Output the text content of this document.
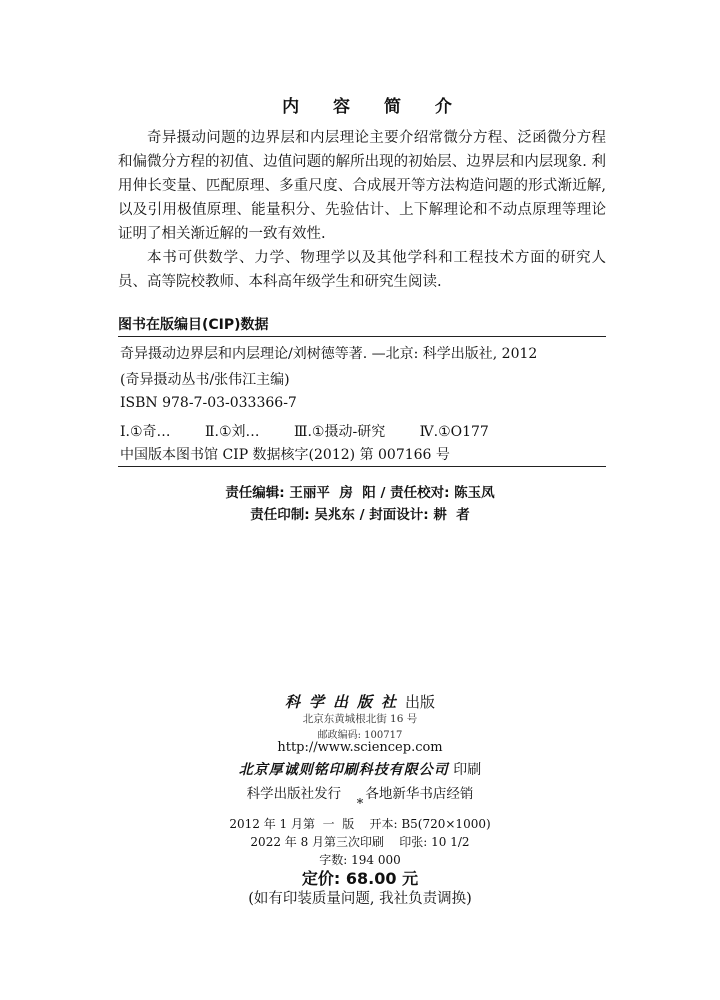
内 容 简 介

奇异摄动问题的边界层和内层理论主要介绍常微分方程、泛函微分方程和偏微分方程的初值、边值问题的解所出现的初始层、边界层和内层现象. 利用伸长变量、匹配原理、多重尺度、合成展开等方法构造问题的形式渐近解, 以及引用极值原理、能量积分、先验估计、上下解理论和不动点原理等理论证明了相关渐近解的一致有效性.

本书可供数学、力学、物理学以及其他学科和工程技术方面的研究人员、高等院校教师、本科高年级学生和研究生阅读.

图书在版编目(CIP)数据
奇异摄动边界层和内层理论/刘树德等著. —北京: 科学出版社, 2012
(奇异摄动丛书/张伟江主编)
ISBN 978-7-03-033366-7
Ⅰ.①奇… Ⅱ.①刘… Ⅲ.①摄动-研究 Ⅳ.①O177
中国版本图书馆 CIP 数据核字(2012) 第 007166 号
责任编辑: 王丽平  房  阳 / 责任校对: 陈玉凤
责任印制: 吴兆东 / 封面设计: 耕  者
科学出版社出版
北京东黄城根北街 16 号
邮政编码: 100717
http://www.sciencep.com
北京厚诚则铭印刷科技有限公司 印刷
科学出版社发行 各地新华书店经销
*
2012 年 1 月第  一  版    开本: B5(720×1000)
2022 年 8 月第三次印刷    印张: 10 1/2
字数: 194 000
定价: 68.00 元
(如有印装质量问题, 我社负责调换)
